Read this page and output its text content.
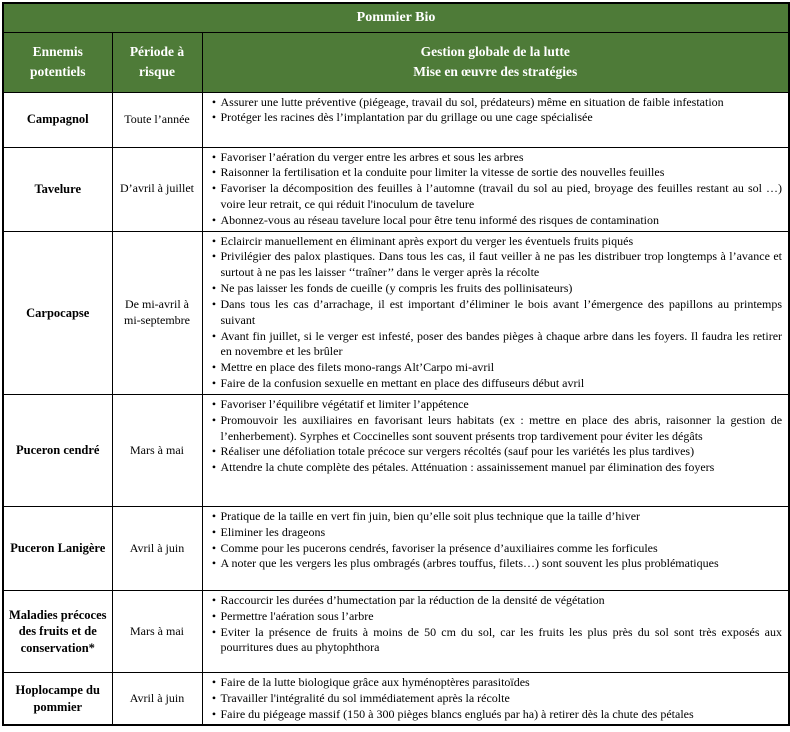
Pommier Bio		
Ennemis potentiels	Période à risque	Gestion globale de la lutte
Mise en œuvre des stratégies

Campagnol	Toute l’année	• Assurer une lutte préventive (piégeage, travail du sol, prédateurs) même en situation de faible infestation
• Protéger les racines dès l’implantation par du grillage ou une cage spécialisée

Tavelure	D’avril à juillet	
• Favoriser l’aération du verger entre les arbres et sous les arbres
• Raisonner la fertilisation et la conduite pour limiter la vitesse de sortie des nouvelles feuilles
• Favoriser la décomposition des feuilles à l’automne (travail du sol au pied, broyage des feuilles restant au sol …) voire leur retrait, ce qui réduit l'inoculum de tavelure
• Abonnez-vous au réseau tavelure local pour être tenu informé des risques de contamination

Carpocapse	De mi-avril à mi-septembre	
• Eclaircir manuellement en éliminant après export du verger les éventuels fruits piqués
• Privilégier des palox plastiques. Dans tous les cas, il faut veiller à ne pas les distribuer trop longtemps à l’avance et surtout à ne pas les laisser ‘‘traîner’’ dans le verger après la récolte
• Ne pas laisser les fonds de cueille (y compris les fruits des pollinisateurs)
• Dans tous les cas d’arrachage, il est important d’éliminer le bois avant l’émergence des papillons au printemps suivant
• Avant fin juillet, si le verger est infesté, poser des bandes pièges à chaque arbre dans les foyers. Il faudra les retirer en novembre et les brûler
• Mettre en place des filets mono-rangs Alt’Carpo mi-avril
• Faire de la confusion sexuelle en mettant en place des diffuseurs début avril

Puceron cendré	Mars à mai	
• Favoriser l’équilibre végétatif et limiter l’appétence
• Promouvoir les auxiliaires en favorisant leurs habitats (ex : mettre en place des abris, raisonner la gestion de l’enherbement). Syrphes et Coccinelles sont souvent présents trop tardivement pour éviter les dégâts
• Réaliser une défoliation totale précoce sur vergers récoltés (sauf pour les variétés les plus tardives)
• Attendre la chute complète des pétales. Atténuation : assainissement manuel par élimination des foyers

Puceron Lanigère	Avril à juin	
• Pratique de la taille en vert fin juin, bien qu’elle soit plus technique que la taille d’hiver
• Eliminer les drageons
• Comme pour les pucerons cendrés, favoriser la présence d’auxiliaires comme les forficules
• A noter que les vergers les plus ombragés (arbres touffus, filets…) sont souvent les plus problématiques

Maladies précoces des fruits et de conservation*	Mars à mai	
• Raccourcir les durées d’humectation par la réduction de la densité de végétation
• Permettre l'aération sous l’arbre
• Eviter la présence de fruits à moins de 50 cm du sol, car les fruits les plus près du sol sont très exposés aux pourritures dues au phytophthora

Hoplocampe du pommier	Avril à juin	
• Faire de la lutte biologique grâce aux hyménoptères parasitoïdes
• Travailler l'intégralité du sol immédiatement après la récolte
• Faire du piégeage massif (150 à 300 pièges blancs englués par ha) à retirer dès la chute des pétales
